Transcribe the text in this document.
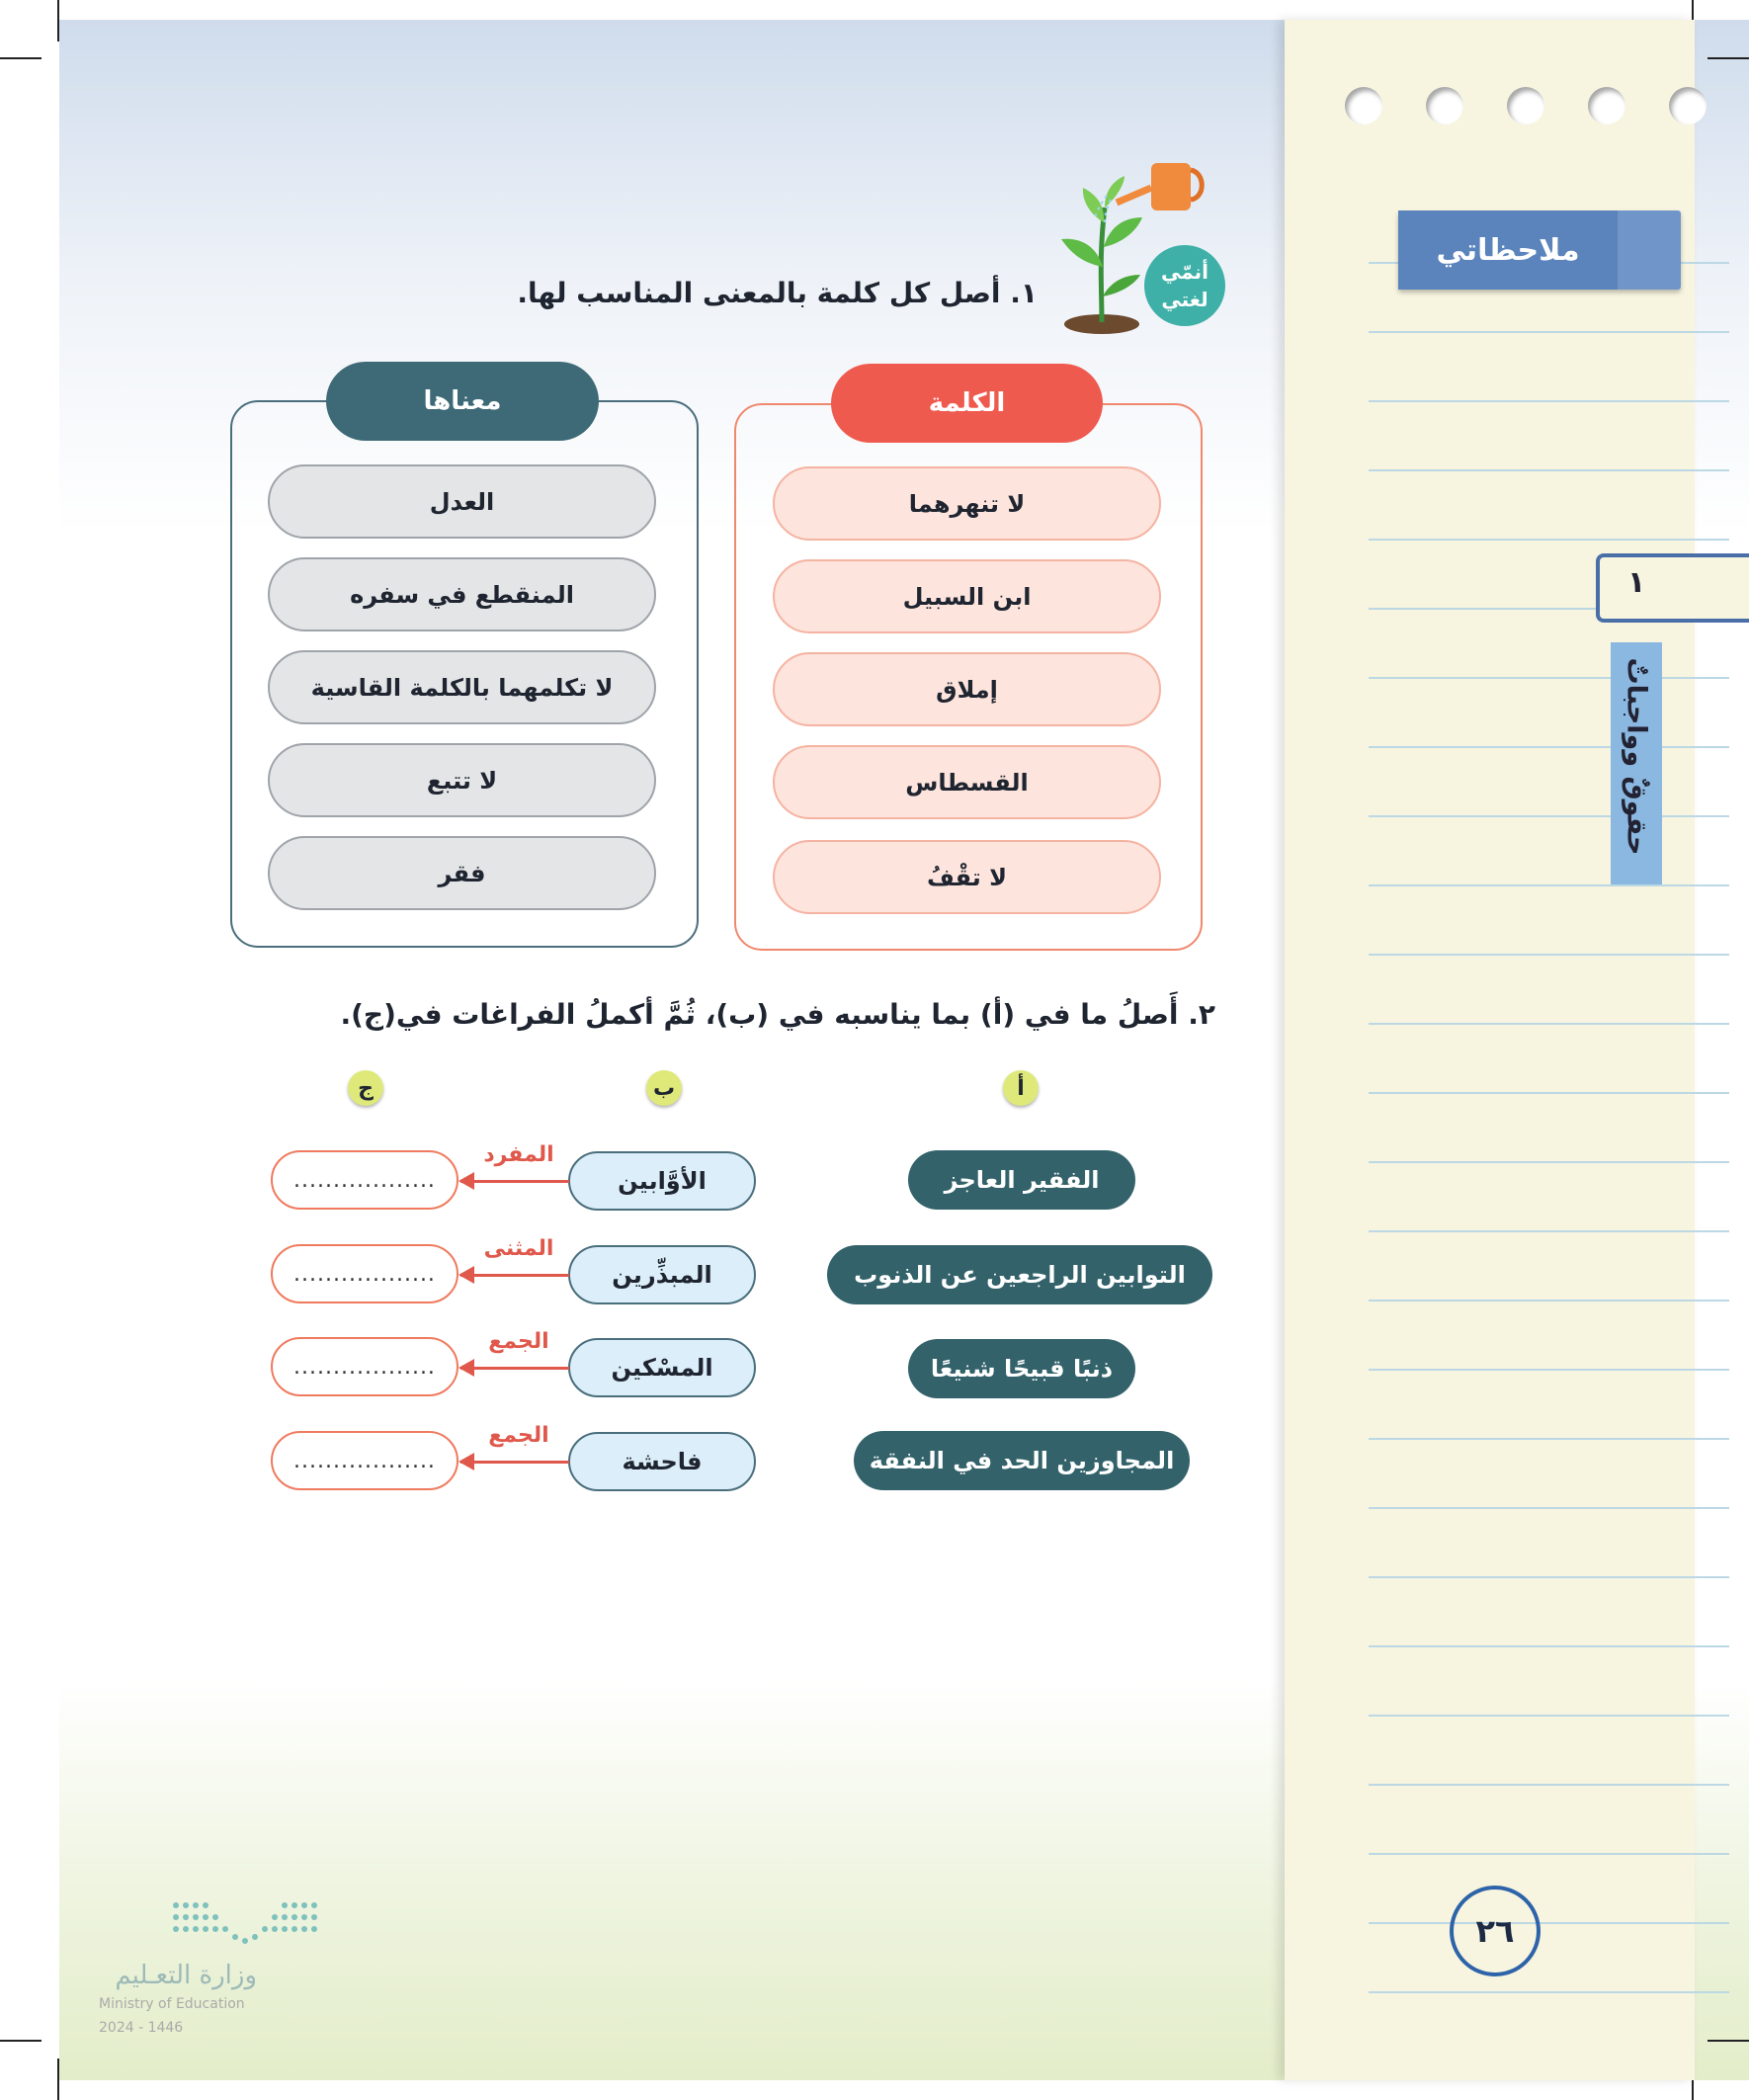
ملاحظاتي
١
حقوقٌ وواجباتٌ
٢٦
أنمّي
لغتي
١. أصل كل كلمة بالمعنى المناسب لها.
الكلمة
معناها
لا تنهرهما
ابن السبيل
إملاق
القسطاس
لا تقْفُ
العدل
المنقطع في سفره
لا تكلمهما بالكلمة القاسية
لا تتبع
فقر
٢. أَصلُ ما في (أ) بما يناسبه في (ب)، ثُمَّ أكملُ الفراغات في(ج).
أ
ب
ج
الفقير العاجز
التوابين الراجعين عن الذنوب
ذنبًا قبيحًا شنيعًا
المجاوزين الحد في النفقة
الأوَّابين
المبذِّرين
المسْكين
فاحشة
المفرد
المثنى
الجمع
الجمع
..................
..................
..................
..................
وزارة التعـليم
Ministry of Education
2024 - 1446
